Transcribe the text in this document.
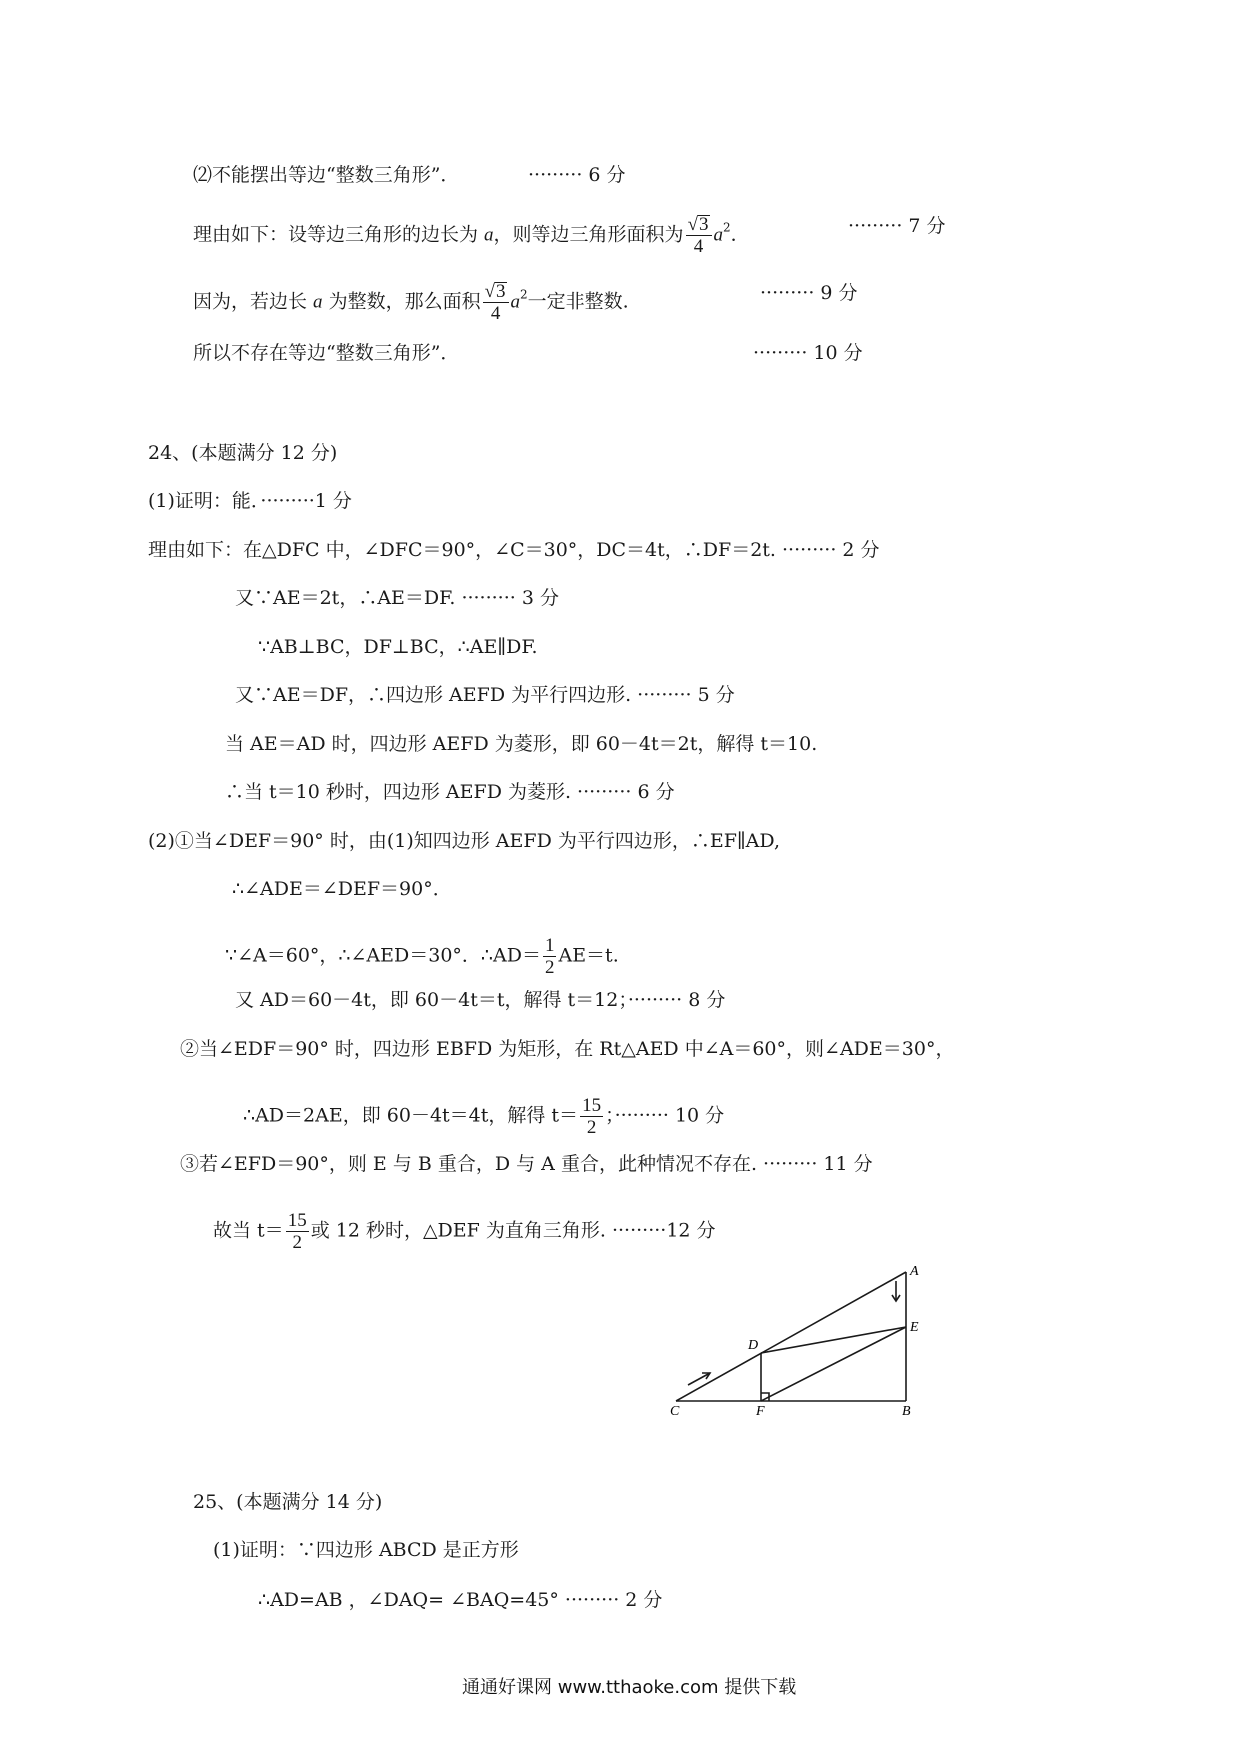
⑵不能摆出等边“整数三角形”．	········· 6 分
理由如下：设等边三角形的边长为 a，则等边三角形面积为 $\frac{√3}{4} a^2$．	········· 7 分
因为，若边长 a 为整数，那么面积 $\frac{√3}{4} a^2$一定非整数.	········· 9 分
所以不存在等边“整数三角形”．	········· 10 分
24、(本题满分 12 分)
(1)证明：能．·········1 分
理由如下：在△DFC 中，∠DFC＝90°，∠C＝30°，DC＝4t，∴DF＝2t. ········· 2 分
又∵AE＝2t，∴AE＝DF. ········· 3 分
∵AB⊥BC，DF⊥BC，∴AE∥DF.
又∵AE＝DF，∴四边形 AEFD 为平行四边形. ········· 5 分
当 AE＝AD 时，四边形 AEFD 为菱形，即 60－4t＝2t，解得 t＝10.
∴当 t＝10 秒时，四边形 AEFD 为菱形. ········· 6 分
(2)①当∠DEF＝90° 时，由(1)知四边形 AEFD 为平行四边形，∴EF∥AD,
∴∠ADE＝∠DEF＝90°．
∵∠A＝60°，∴∠AED＝30°．∴AD＝ $\frac{1}{2} AE=t$.
又 AD＝60－4t，即 60－4t＝t，解得 t＝12；········· 8 分
②当∠EDF＝90° 时，四边形 EBFD 为矩形，在 Rt△AED 中∠A＝60°，则∠ADE＝30°，
∴AD＝2AE，即 60－4t＝4t，解得 $t= \frac{15}{2}$ ；········· 10 分
③若∠EFD＝90°，则 E 与 B 重合，D 与 A 重合，此种情况不存在. ········· 11 分
故当 $t= \frac{15}{2}$ 或 12 秒时，△DEF 为直角三角形. ·········12 分
A
E
D
C	F	B
25、(本题满分 14 分)
(1)证明：∵四边形 ABCD 是正方形
∴AD=AB ，∠DAQ= ∠BAQ=45° ········· 2 分
通通好课网 www.tthaoke.com 提供下载
